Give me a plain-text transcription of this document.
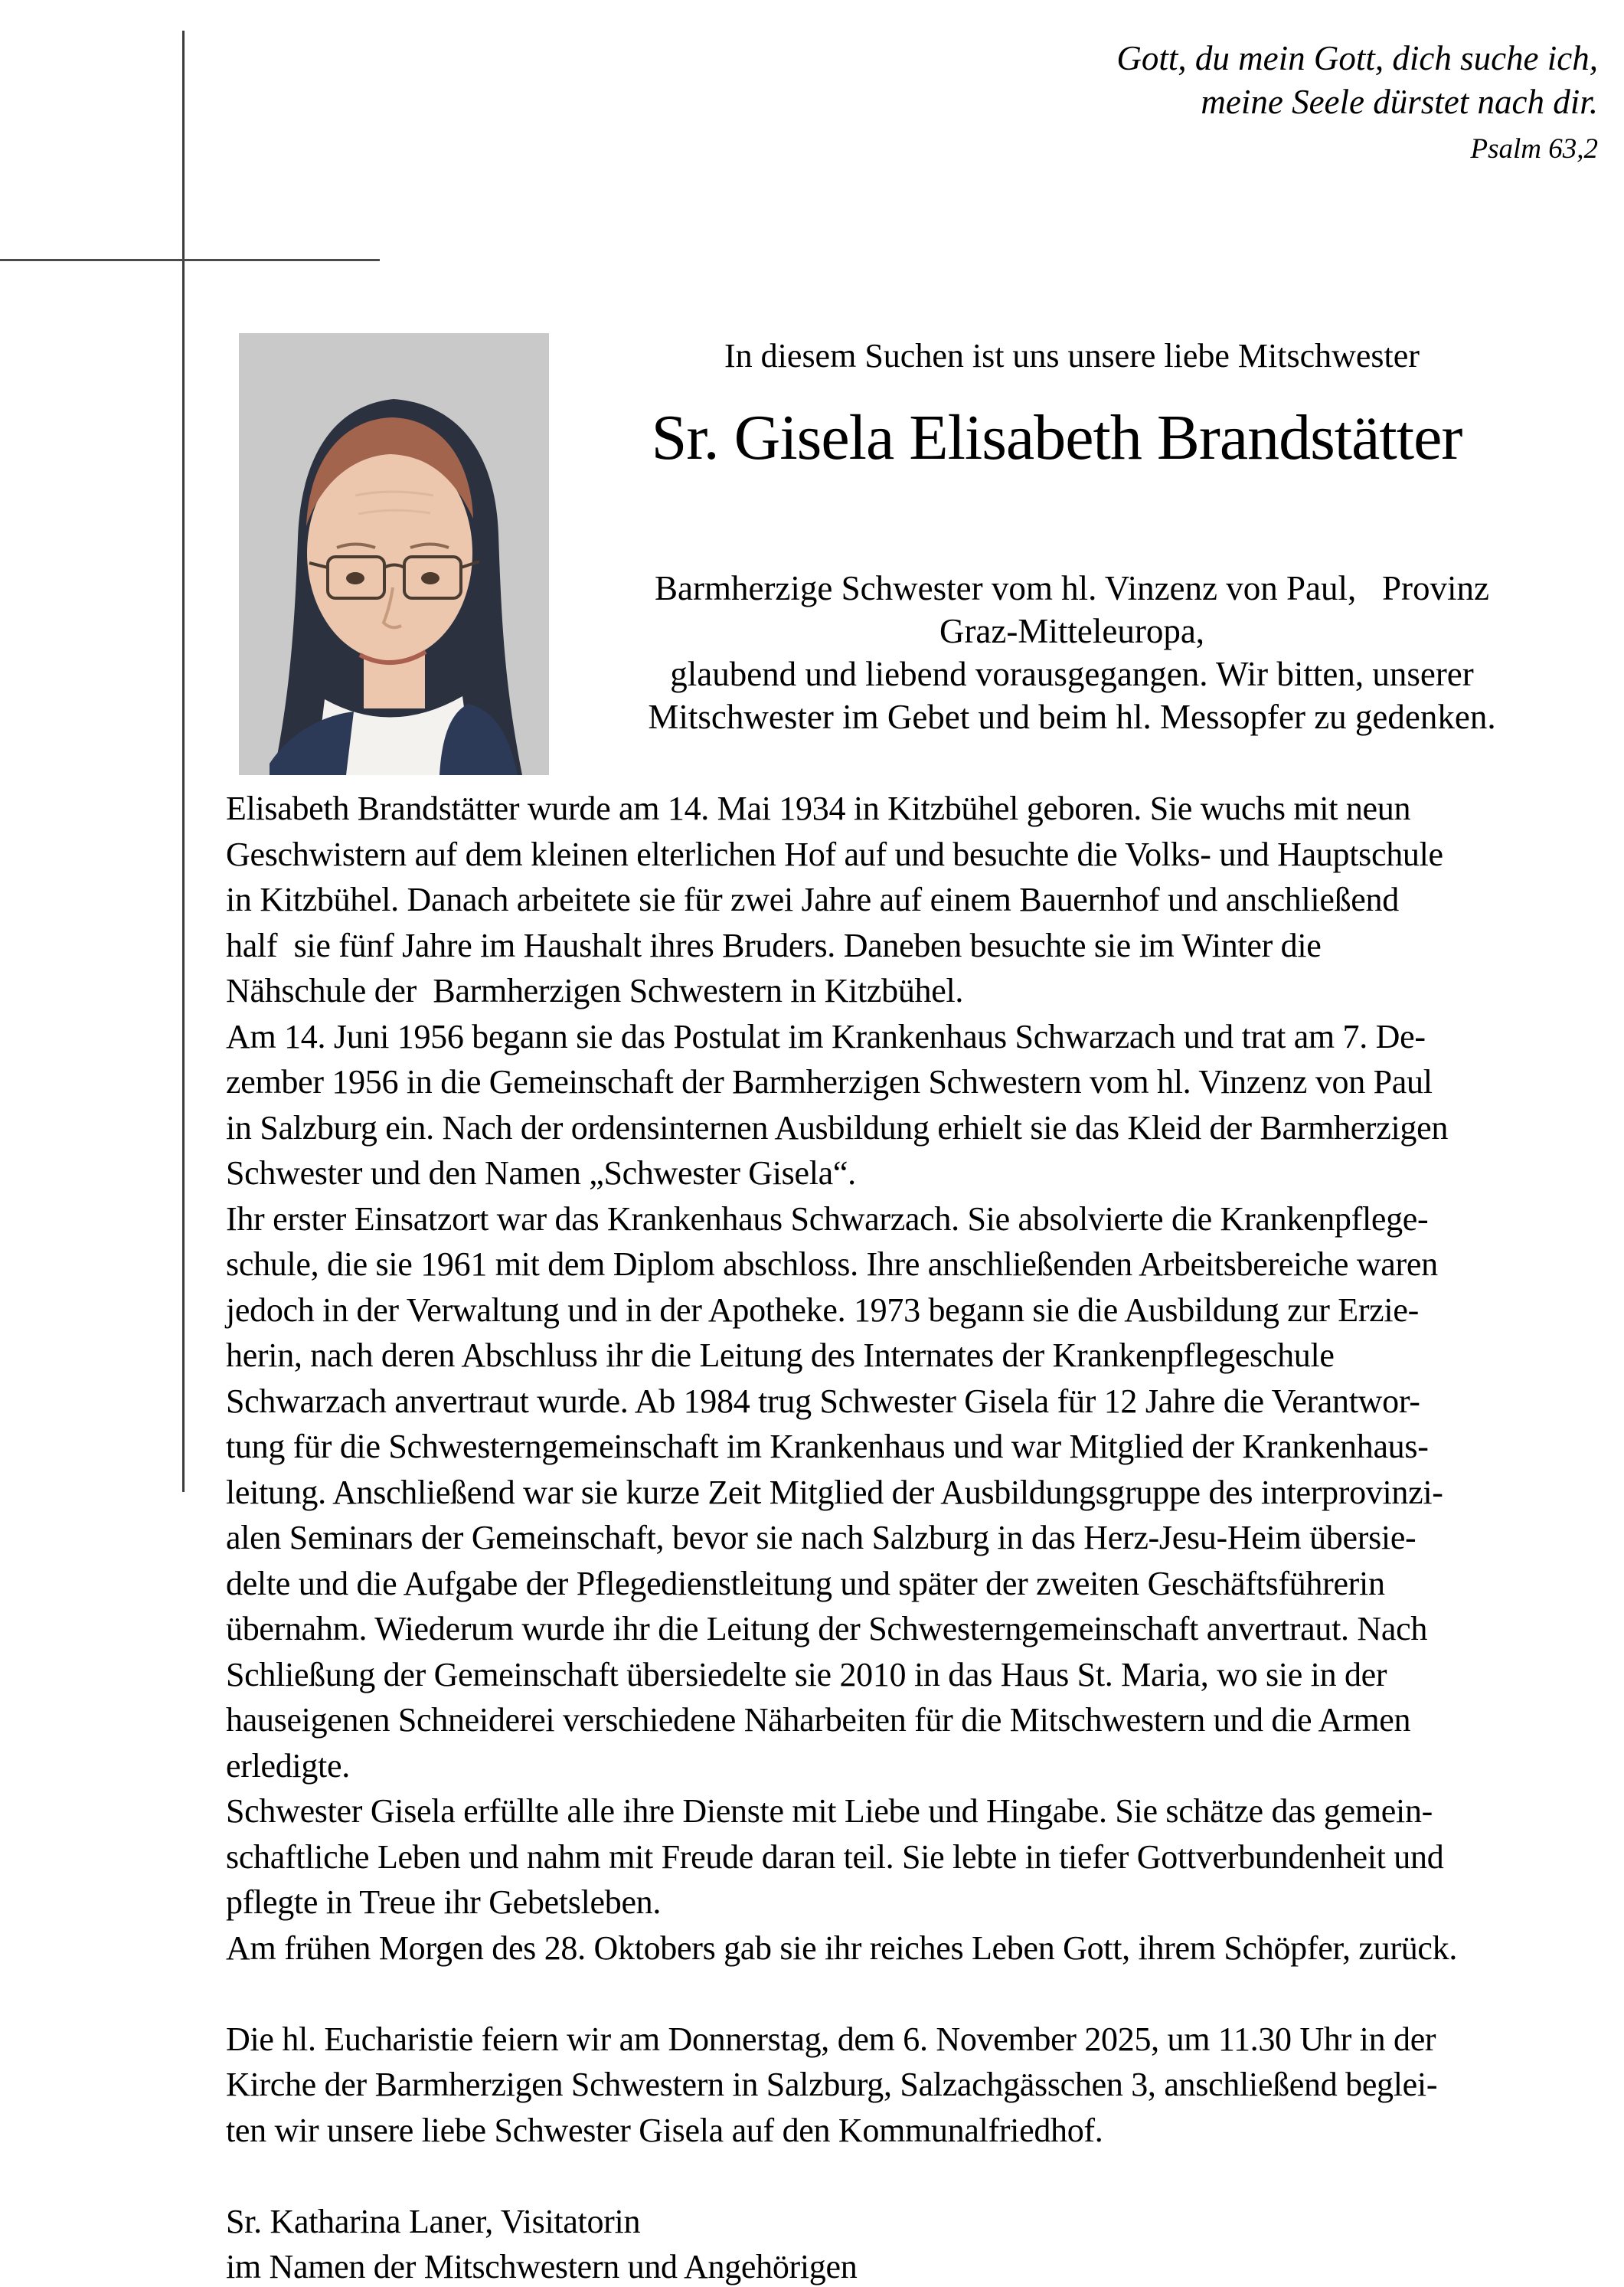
Gott, du mein Gott, dich suche ich,
meine Seele dürstet nach dir.
Psalm 63,2
In diesem Suchen ist uns unsere liebe Mitschwester
Sr. Gisela Elisabeth Brandstätter
Barmherzige Schwester vom hl. Vinzenz von Paul,   Provinz
Graz-Mitteleuropa,
glaubend und liebend vorausgegangen. Wir bitten, unserer
Mitschwester im Gebet und beim hl. Messopfer zu gedenken.
Elisabeth Brandstätter wurde am 14. Mai 1934 in Kitzbühel geboren. Sie wuchs mit neun
Geschwistern auf dem kleinen elterlichen Hof auf und besuchte die Volks- und Hauptschule
in Kitzbühel. Danach arbeitete sie für zwei Jahre auf einem Bauernhof und anschließend
half  sie fünf Jahre im Haushalt ihres Bruders. Daneben besuchte sie im Winter die
Nähschule der  Barmherzigen Schwestern in Kitzbühel.
Am 14. Juni 1956 begann sie das Postulat im Krankenhaus Schwarzach und trat am 7. De-
zember 1956 in die Gemeinschaft der Barmherzigen Schwestern vom hl. Vinzenz von Paul
in Salzburg ein. Nach der ordensinternen Ausbildung erhielt sie das Kleid der Barmherzigen
Schwester und den Namen „Schwester Gisela“.
Ihr erster Einsatzort war das Krankenhaus Schwarzach. Sie absolvierte die Krankenpflege-
schule, die sie 1961 mit dem Diplom abschloss. Ihre anschließenden Arbeitsbereiche waren
jedoch in der Verwaltung und in der Apotheke. 1973 begann sie die Ausbildung zur Erzie-
herin, nach deren Abschluss ihr die Leitung des Internates der Krankenpflegeschule
Schwarzach anvertraut wurde. Ab 1984 trug Schwester Gisela für 12 Jahre die Verantwor-
tung für die Schwesterngemeinschaft im Krankenhaus und war Mitglied der Krankenhaus-
leitung. Anschließend war sie kurze Zeit Mitglied der Ausbildungsgruppe des interprovinzi-
alen Seminars der Gemeinschaft, bevor sie nach Salzburg in das Herz-Jesu-Heim übersie-
delte und die Aufgabe der Pflegedienstleitung und später der zweiten Geschäftsführerin
übernahm. Wiederum wurde ihr die Leitung der Schwesterngemeinschaft anvertraut. Nach
Schließung der Gemeinschaft übersiedelte sie 2010 in das Haus St. Maria, wo sie in der
hauseigenen Schneiderei verschiedene Näharbeiten für die Mitschwestern und die Armen
erledigte.
Schwester Gisela erfüllte alle ihre Dienste mit Liebe und Hingabe. Sie schätze das gemein-
schaftliche Leben und nahm mit Freude daran teil. Sie lebte in tiefer Gottverbundenheit und
pflegte in Treue ihr Gebetsleben.
Am frühen Morgen des 28. Oktobers gab sie ihr reiches Leben Gott, ihrem Schöpfer, zurück.
Die hl. Eucharistie feiern wir am Donnerstag, dem 6. November 2025, um 11.30 Uhr in der
Kirche der Barmherzigen Schwestern in Salzburg, Salzachgässchen 3, anschließend beglei-
ten wir unsere liebe Schwester Gisela auf den Kommunalfriedhof.
Sr. Katharina Laner, Visitatorin
im Namen der Mitschwestern und Angehörigen
